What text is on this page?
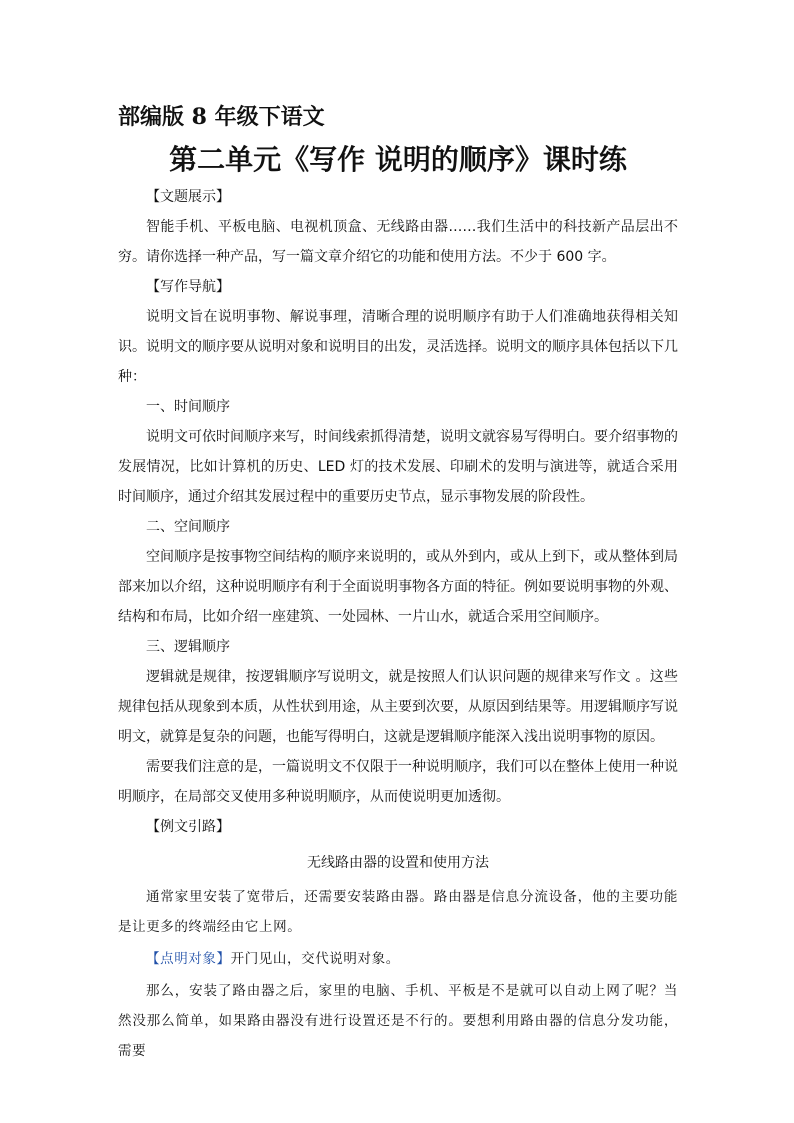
部编版 8 年级下语文
第二单元《写作 说明的顺序》课时练

【文题展示】

智能手机、平板电脑、电视机顶盒、无线路由器……我们生活中的科技新产品层出不穷。请你选择一种产品，写一篇文章介绍它的功能和使用方法。不少于 600 字。

【写作导航】

说明文旨在说明事物、解说事理，清晰合理的说明顺序有助于人们准确地获得相关知识。说明文的顺序要从说明对象和说明目的出发，灵活选择。说明文的顺序具体包括以下几种：

一、时间顺序

说明文可依时间顺序来写，时间线索抓得清楚，说明文就容易写得明白。要介绍事物的发展情况，比如计算机的历史、LED 灯的技术发展、印刷术的发明与演进等，就适合采用时间顺序，通过介绍其发展过程中的重要历史节点，显示事物发展的阶段性。

二、空间顺序

空间顺序是按事物空间结构的顺序来说明的，或从外到内，或从上到下，或从整体到局部来加以介绍，这种说明顺序有利于全面说明事物各方面的特征。例如要说明事物的外观、结构和布局，比如介绍一座建筑、一处园林、一片山水，就适合采用空间顺序。

三、逻辑顺序

逻辑就是规律，按逻辑顺序写说明文，就是按照人们认识问题的规律来写作文 。这些规律包括从现象到本质，从性状到用途，从主要到次要，从原因到结果等。用逻辑顺序写说明文，就算是复杂的问题，也能写得明白，这就是逻辑顺序能深入浅出说明事物的原因。

需要我们注意的是，一篇说明文不仅限于一种说明顺序，我们可以在整体上使用一种说明顺序，在局部交叉使用多种说明顺序，从而使说明更加透彻。

【例文引路】

无线路由器的设置和使用方法

通常家里安装了宽带后，还需要安装路由器。路由器是信息分流设备，他的主要功能是让更多的终端经由它上网。

【点明对象】开门见山，交代说明对象。

那么，安装了路由器之后，家里的电脑、手机、平板是不是就可以自动上网了呢？当然没那么简单，如果路由器没有进行设置还是不行的。要想利用路由器的信息分发功能，需要
